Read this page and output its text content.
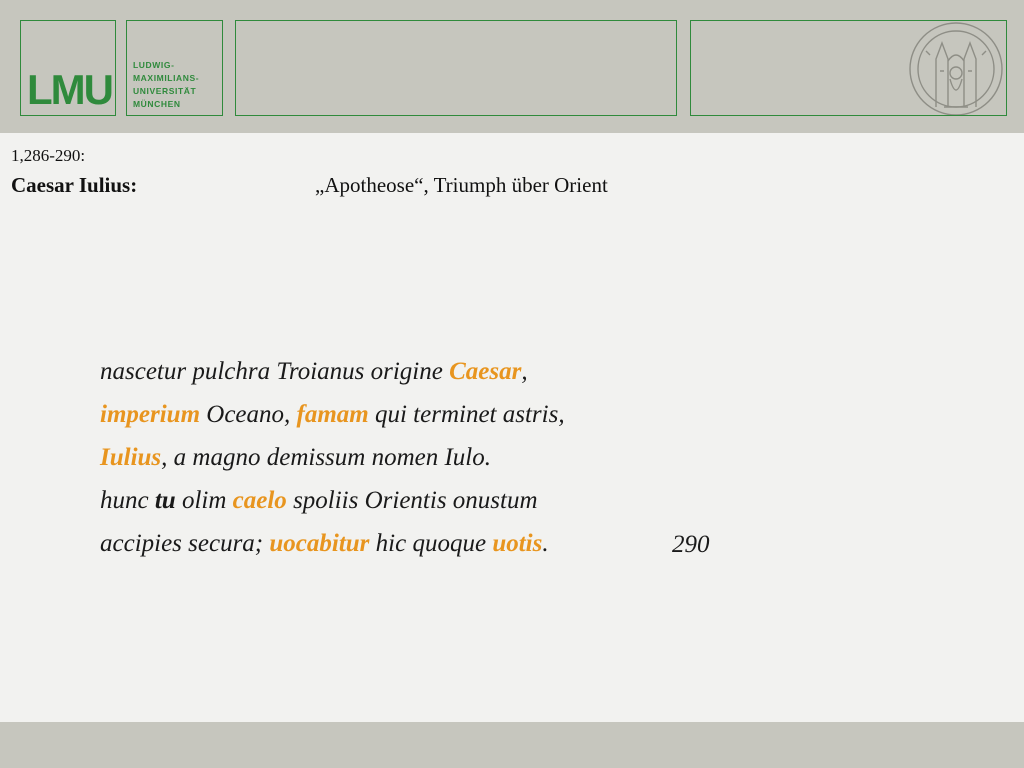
LMU
LUDWIG-
MAXIMILIANS-
UNIVERSITÄT
MÜNCHEN
1,286-290:
Caesar Iulius:	„Apotheose“, Triumph über Orient
nascetur pulchra Troianus origine Caesar,
imperium Oceano, famam qui terminet astris,
Iulius, a magno demissum nomen Iulo.
hunc tu olim caelo spoliis Orientis onustum
accipies secura; uocabitur hic quoque uotis.	290
